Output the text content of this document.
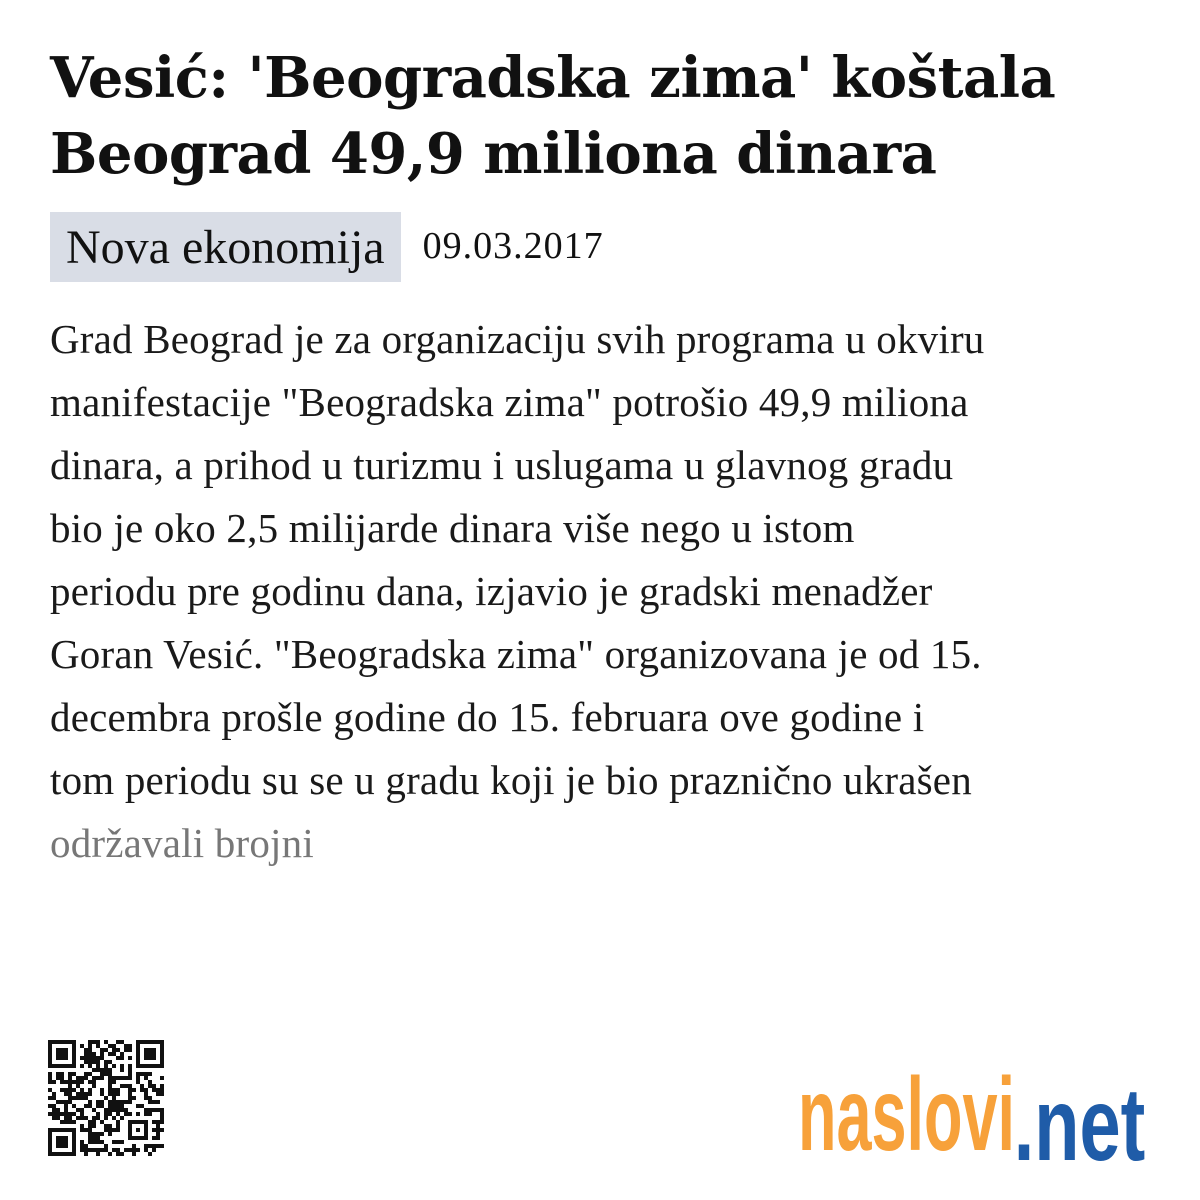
Vesić: 'Beogradska zima' koštala Beograd 49,9 miliona dinara
Nova ekonomija	09.03.2017

Grad Beograd je za organizaciju svih programa u okviru
manifestacije "Beogradska zima" potrošio 49,9 miliona
dinara, a prihod u turizmu i uslugama u glavnog gradu
bio je oko 2,5 milijarde dinara više nego u istom
periodu pre godinu dana, izjavio je gradski menadžer
Goran Vesić. "Beogradska zima" organizovana je od 15.
decembra prošle godine do 15. februara ove godine i
tom periodu su se u gradu koji je bio praznično ukrašen
održavali brojni

naslovi
.net
